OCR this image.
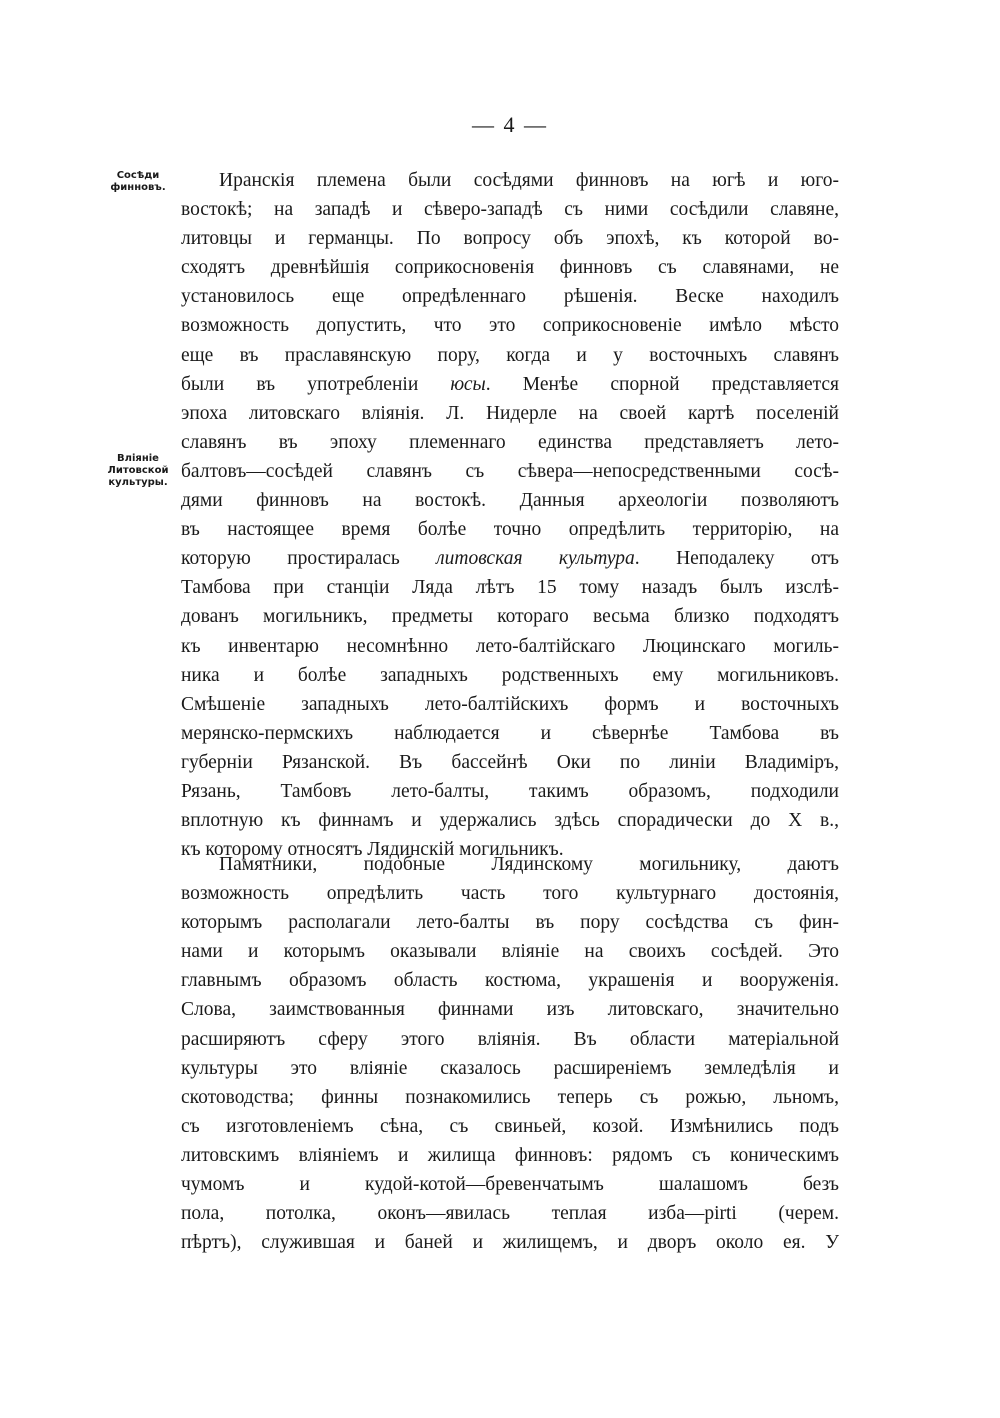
— 4 —
Сосѣди
финновъ.
Вліяніе
Литовской
культуры.
Иранскія племена были сосѣдями финновъ на югѣ и юго-
востокѣ; на западѣ и сѣверо-западѣ съ ними сосѣдили славяне,
литовцы и германцы. По вопросу объ эпохѣ, къ которой во-
сходятъ древнѣйшія соприкосновенія финновъ съ славянами, не
установилось еще опредѣленнаго рѣшенія. Веске находилъ
возможность допустить, что это соприкосновеніе имѣло мѣсто
еще въ праславянскую пору, когда и у восточныхъ славянъ
были въ употребленіи юсы. Менѣе спорной представляется
эпоха литовскаго вліянія. Л. Нидерле на своей картѣ поселеній
славянъ въ эпоху племеннаго единства представляетъ лето-
балтовъ—сосѣдей славянъ съ сѣвера—непосредственными сосѣ-
дями финновъ на востокѣ. Данныя археологіи позволяютъ
въ настоящее время болѣе точно опредѣлить территорію, на
которую простиралась литовская культура. Неподалеку отъ
Тамбова при станціи Ляда лѣтъ 15 тому назадъ былъ изслѣ-
дованъ могильникъ, предметы котораго весьма близко подходятъ
къ инвентарю несомнѣнно лето-балтійскаго Люцинскаго могиль-
ника и болѣе западныхъ родственныхъ ему могильниковъ.
Смѣшеніе западныхъ лето-балтійскихъ формъ и восточныхъ
мерянско-пермскихъ наблюдается и сѣвернѣе Тамбова въ
губерніи Рязанской. Въ бассейнѣ Оки по линіи Владиміръ,
Рязань, Тамбовъ лето-балты, такимъ образомъ, подходили
вплотную къ финнамъ и удержались здѣсь спорадически до Х в.,
къ которому относятъ Лядинскій могильникъ.
Памятники, подобные Лядинскому могильнику, даютъ
возможность опредѣлить часть того культурнаго достоянія,
которымъ располагали лето-балты въ пору сосѣдства съ фин-
нами и которымъ оказывали вліяніе на своихъ сосѣдей. Это
главнымъ образомъ область костюма, украшенія и вооруженія.
Слова, заимствованныя финнами изъ литовскаго, значительно
расширяютъ сферу этого вліянія. Въ области матеріальной
культуры это вліяніе сказалось расширеніемъ земледѣлія и
скотоводства; финны познакомились теперь съ рожью, льномъ,
съ изготовленіемъ сѣна, съ свиньей, козой. Измѣнились подъ
литовскимъ вліяніемъ и жилища финновъ: рядомъ съ коническимъ
чумомъ и кудой-котой—бревенчатымъ шалашомъ безъ
пола, потолка, оконъ—явилась теплая изба—pirti (черем.
пѣртъ), служившая и баней и жилищемъ, и дворъ около ея. У
